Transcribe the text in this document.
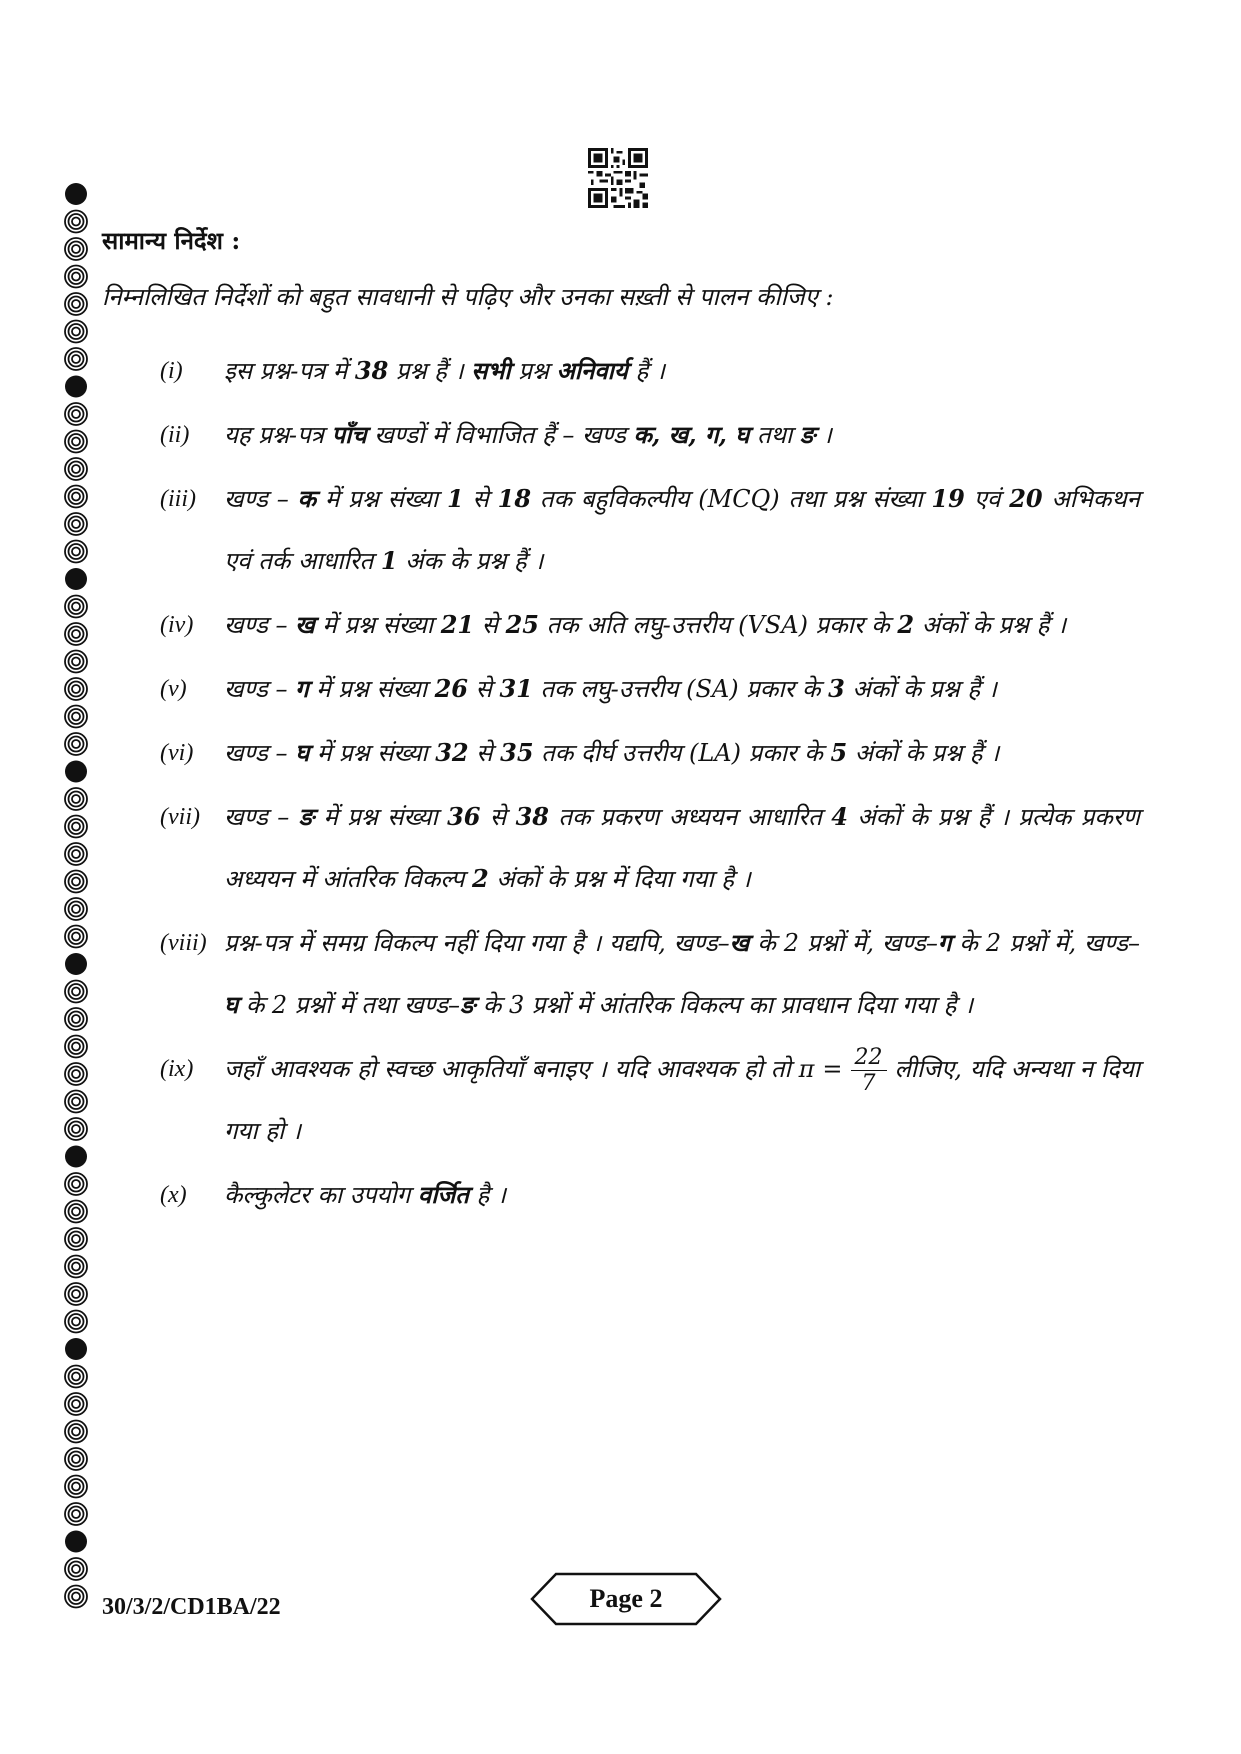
सामान्य निर्देश :

निम्नलिखित निर्देशों को बहुत सावधानी से पढ़िए और उनका सख़्ती से पालन कीजिए :

(i) इस प्रश्न-पत्र में 38 प्रश्न हैं । सभी प्रश्न अनिवार्य हैं ।
(ii) यह प्रश्न-पत्र पाँच खण्डों में विभाजित हैं – खण्ड क, ख, ग, घ तथा ङ ।
(iii) खण्ड – क में प्रश्न संख्या 1 से 18 तक बहुविकल्पीय (MCQ) तथा प्रश्न संख्या 19 एवं 20 अभिकथन एवं तर्क आधारित 1 अंक के प्रश्न हैं ।
(iv) खण्ड – ख में प्रश्न संख्या 21 से 25 तक अति लघु-उत्तरीय (VSA) प्रकार के 2 अंकों के प्रश्न हैं ।
(v) खण्ड – ग में प्रश्न संख्या 26 से 31 तक लघु-उत्तरीय (SA) प्रकार के 3 अंकों के प्रश्न हैं ।
(vi) खण्ड – घ में प्रश्न संख्या 32 से 35 तक दीर्घ उत्तरीय (LA) प्रकार के 5 अंकों के प्रश्न हैं ।
(vii) खण्ड – ङ में प्रश्न संख्या 36 से 38 तक प्रकरण अध्ययन आधारित 4 अंकों के प्रश्न हैं । प्रत्येक प्रकरण अध्ययन में आंतरिक विकल्प 2 अंकों के प्रश्न में दिया गया है ।
(viii) प्रश्न-पत्र में समग्र विकल्प नहीं दिया गया है । यद्यपि, खण्ड–ख के 2 प्रश्नों में, खण्ड–ग के 2 प्रश्नों में, खण्ड–घ के 2 प्रश्नों में तथा खण्ड–ङ के 3 प्रश्नों में आंतरिक विकल्प का प्रावधान दिया गया है ।
(ix) जहाँ आवश्यक हो स्वच्छ आकृतियाँ बनाइए । यदि आवश्यक हो तो $\pi = \frac{22}{7}$ लीजिए, यदि अन्यथा न दिया गया हो ।
(x) कैल्कुलेटर का उपयोग वर्जित है ।

30/3/2/CD1BA/22	Page 2
